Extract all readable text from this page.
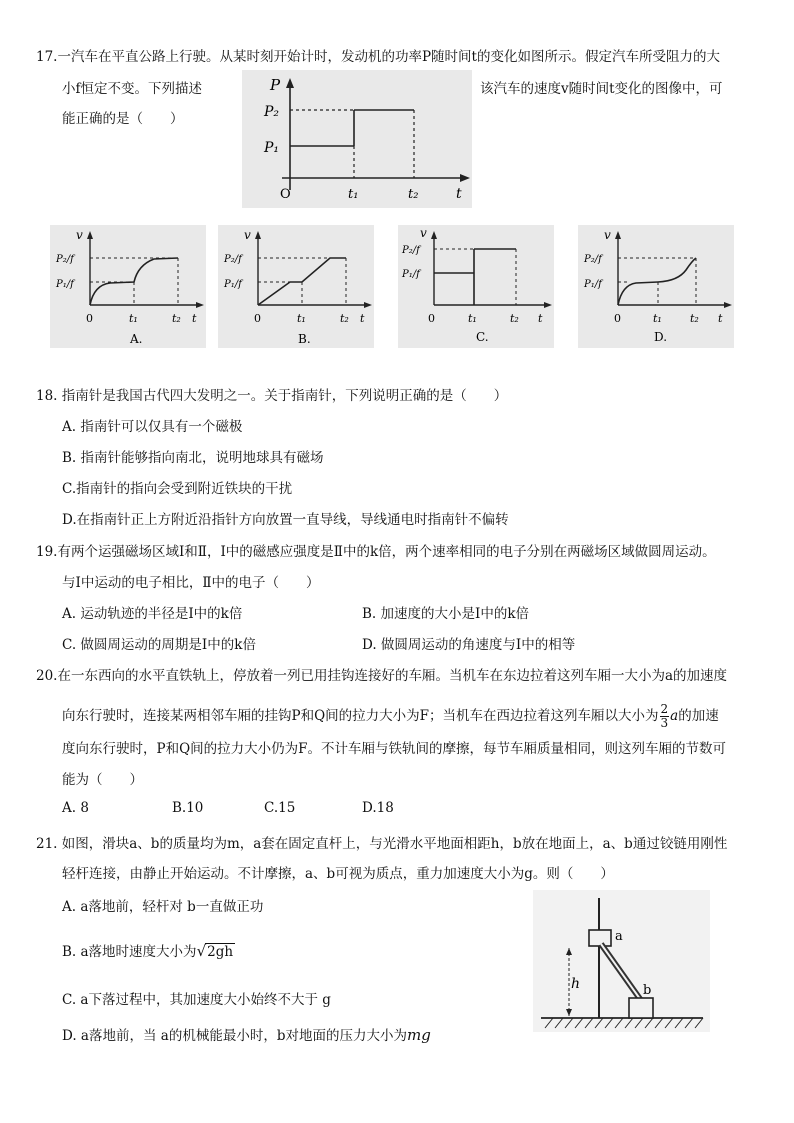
17.一汽车在平直公路上行驶。从某时刻开始计时，发动机的功率P随时间t的变化如图所示。假定汽车所受阻力的大
小f恒定不变。下列描述	该汽车的速度v随时间t变化的图像中，可
能正确的是（　　）
P
P₂
P₁
O	t₁	t₂	t
v
P₂/f
P₁/f
0	t₁	t₂ t
A.
v
P₂/f
P₁/f
0	t₁	t₂ t
B.
v
P₂/f
P₁/f
0	t₁	t₂ t
C.
v
P₂/f
P₁/f
0	t₁	t₂ t
D.
18. 指南针是我国古代四大发明之一。关于指南针，下列说明正确的是（　　）
A. 指南针可以仅具有一个磁极
B. 指南针能够指向南北，说明地球具有磁场
C.指南针的指向会受到附近铁块的干扰
D.在指南针正上方附近沿指针方向放置一直导线，导线通电时指南针不偏转
19.有两个运强磁场区域Ⅰ和Ⅱ，Ⅰ中的磁感应强度是Ⅱ中的k倍，两个速率相同的电子分别在两磁场区域做圆周运动。
与Ⅰ中运动的电子相比，Ⅱ中的电子（　　）
A. 运动轨迹的半径是Ⅰ中的k倍	B. 加速度的大小是Ⅰ中的k倍
C. 做圆周运动的周期是Ⅰ中的k倍	D. 做圆周运动的角速度与Ⅰ中的相等
20.在一东西向的水平直铁轨上，停放着一列已用挂钩连接好的车厢。当机车在东边拉着这列车厢一大小为a的加速度
向东行驶时，连接某两相邻车厢的挂钩P和Q间的拉力大小为F；当机车在西边拉着这列车厢以大小为 $\frac{2}{3}$ a的加速
度向东行驶时，P和Q间的拉力大小仍为F。不计车厢与铁轨间的摩擦，每节车厢质量相同，则这列车厢的节数可
能为（　　）
A. 8	B.10	C.15	D.18
21. 如图，滑块a、b的质量均为m，a套在固定直杆上，与光滑水平地面相距h，b放在地面上，a、b通过铰链用刚性
轻杆连接，由静止开始运动。不计摩擦，a、b可视为质点，重力加速度大小为g。则（　　）
A. a落地前，轻杆对 b一直做正功
B. a落地时速度大小为√2gh
C. a下落过程中，其加速度大小始终不大于 g
D. a落地前，当 a的机械能最小时，b对地面的压力大小为mg
a
b
h
